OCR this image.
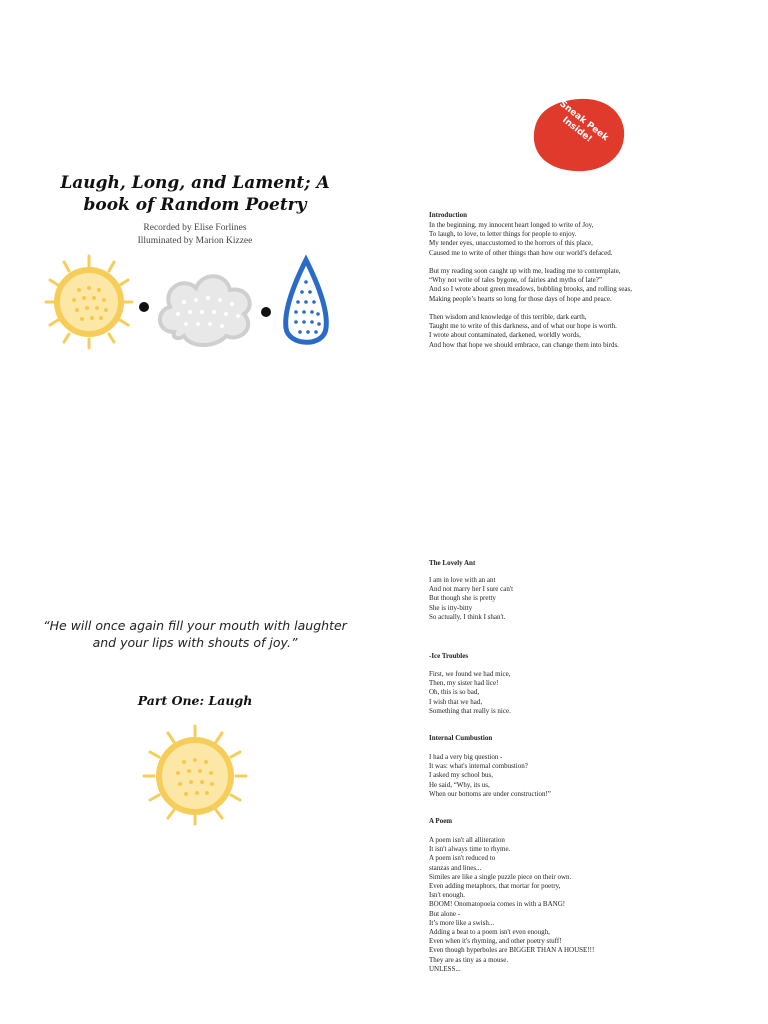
Laugh, Long, and Lament; A book of Random Poetry
Recorded by Elise Forlines
Illuminated by Marion Kizzee
Sneak Peek Inside!
Introduction
In the beginning, my innocent heart longed to write of Joy,
To laugh, to love, to letter things for people to enjoy.
My tender eyes, unaccustomed to the horrors of this place,
Caused me to write of other things than how our world’s defaced.
But my reading soon caught up with me, leading me to contemplate,
“Why not write of tales bygone, of fairies and myths of late?”
And so I wrote about green meadows, bubbling brooks, and rolling seas,
Making people’s hearts so long for those days of hope and peace.
Then wisdom and knowledge of this terrible, dark earth,
Taught me to write of this darkness, and of what our hope is worth.
I wrote about contaminated, darkened, worldly words,
And how that hope we should embrace, can change them into birds.
“He will once again fill your mouth with laughter and your lips with shouts of joy.”
Part One: Laugh
The Lovely Ant
I am in love with an ant
And not marry her I sure can't
But though she is pretty
She is itty-bitty
So actually, I think I shan't.
-Ice Troubles
First, we found we had mice,
Then, my sister had lice!
Oh, this is so bad,
I wish that we had,
Something that really is nice.
Internal Cumbustion
I had a very big question -
It was: what's internal combustion?
I asked my school bus,
He said, “Why, its us,
When our bottoms are under construction!”
A Poem
A poem isn't all alliteration
It isn't always time to rhyme.
A poem isn't reduced to
stanzas and lines...
Similes are like a single puzzle piece on their own.
Even adding metaphors, that mortar for poetry,
Isn't enough.
BOOM! Onomatopoeia comes in with a BANG!
But alone -
It’s more like a swish...
Adding a beat to a poem isn't even enough,
Even when it's rhyming, and other poetry stuff!
Even though hyperboles are BIGGER THAN A HOUSE!!!
They are as tiny as a mouse.
UNLESS...
